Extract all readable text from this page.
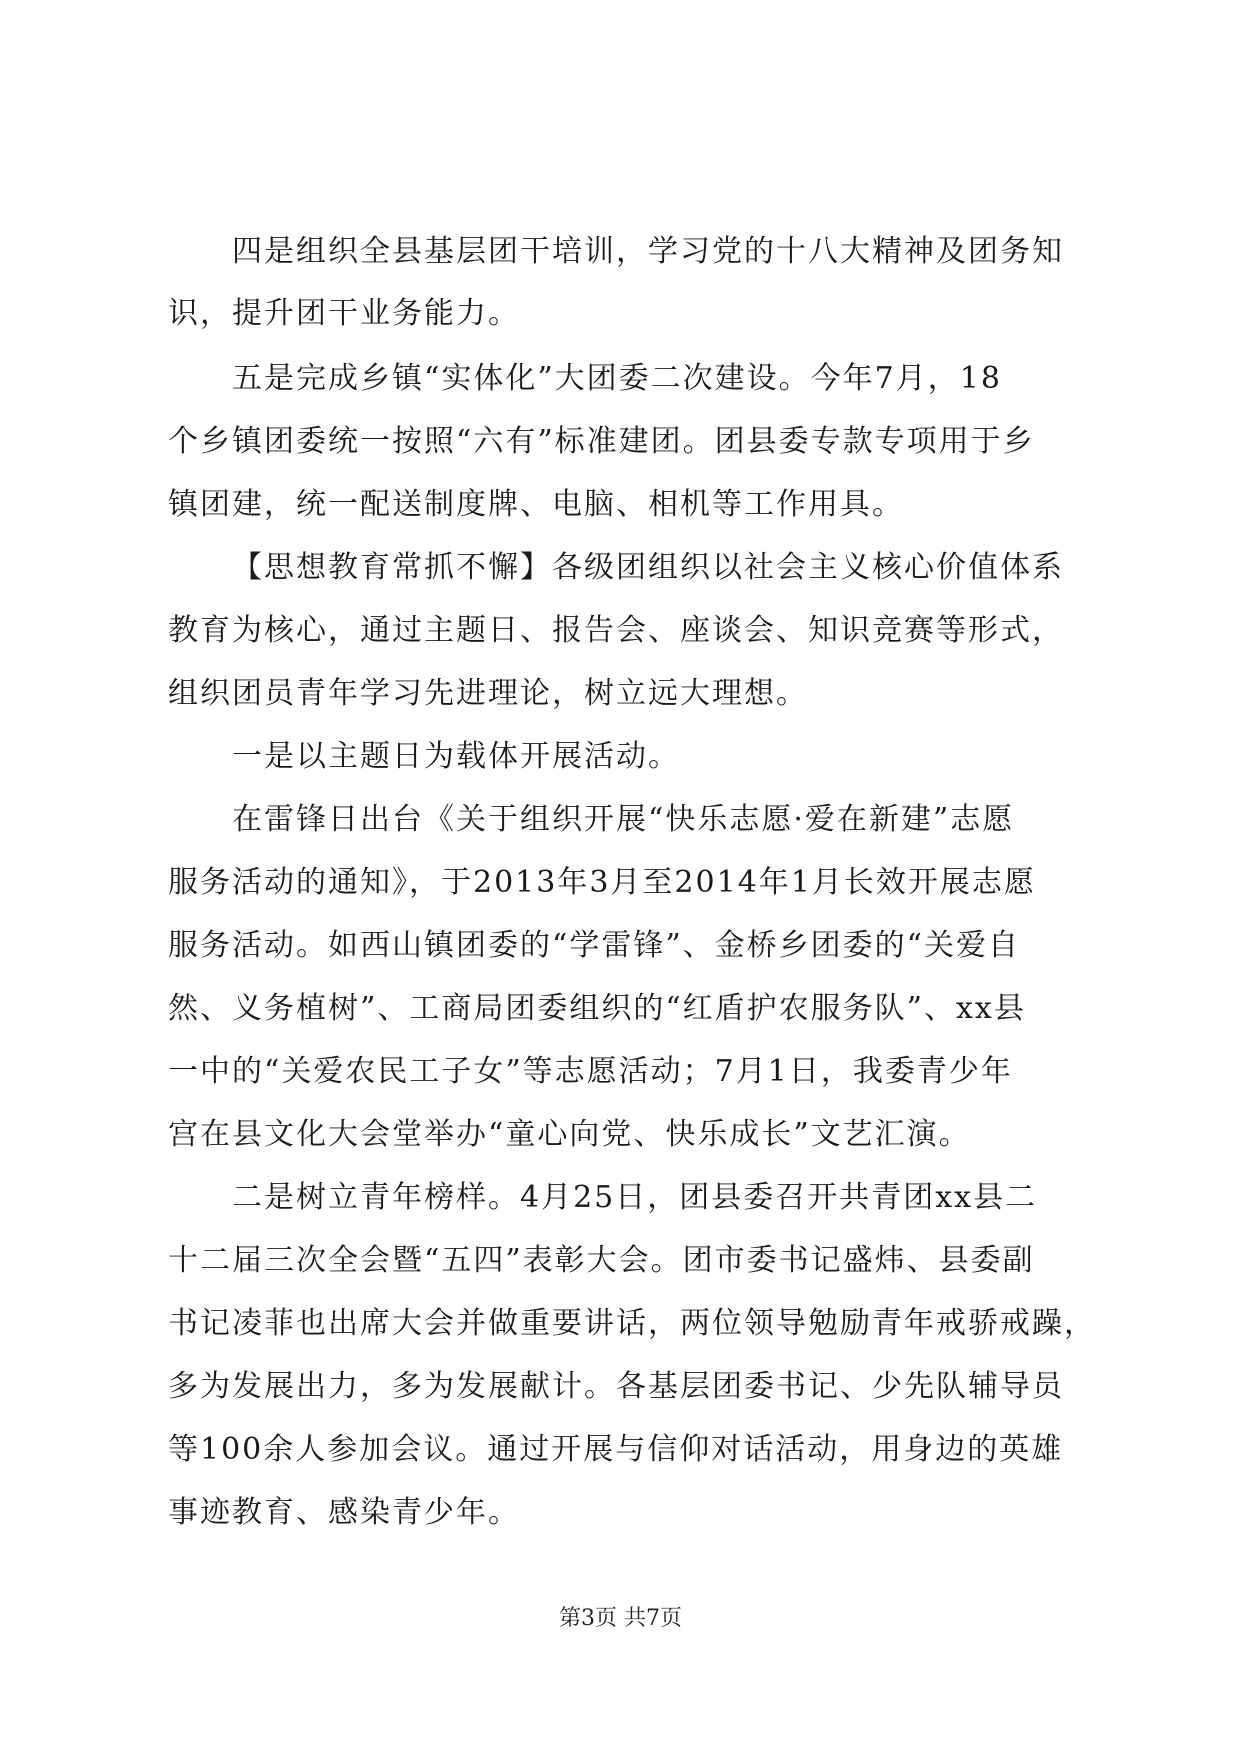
四是组织全县基层团干培训，学习党的十八大精神及团务知
识，提升团干业务能力。
五是完成乡镇“实体化”大团委二次建设。今年7月，18
个乡镇团委统一按照“六有”标准建团。团县委专款专项用于乡
镇团建，统一配送制度牌、电脑、相机等工作用具。
【思想教育常抓不懈】各级团组织以社会主义核心价值体系
教育为核心，通过主题日、报告会、座谈会、知识竞赛等形式，
组织团员青年学习先进理论，树立远大理想。
一是以主题日为载体开展活动。
在雷锋日出台《关于组织开展“快乐志愿·爱在新建”志愿
服务活动的通知》，于2013年3月至2014年1月长效开展志愿
服务活动。如西山镇团委的“学雷锋”、金桥乡团委的“关爱自
然、义务植树”、工商局团委组织的“红盾护农服务队”、xx县
一中的“关爱农民工子女”等志愿活动；7月1日，我委青少年
宫在县文化大会堂举办“童心向党、快乐成长”文艺汇演。
二是树立青年榜样。4月25日，团县委召开共青团xx县二
十二届三次全会暨“五四”表彰大会。团市委书记盛炜、县委副
书记凌菲也出席大会并做重要讲话，两位领导勉励青年戒骄戒躁，
多为发展出力，多为发展献计。各基层团委书记、少先队辅导员
等100余人参加会议。通过开展与信仰对话活动，用身边的英雄
事迹教育、感染青少年。
第3页 共7页
